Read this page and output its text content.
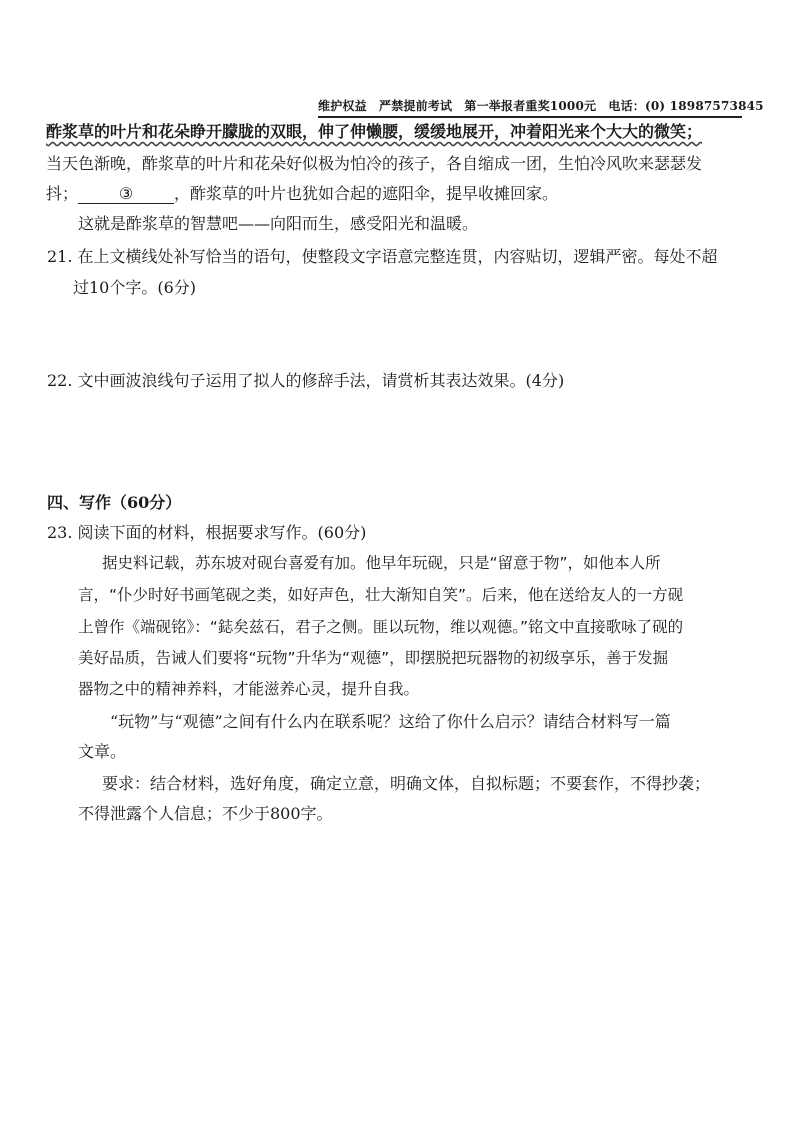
维护权益　严禁提前考试　第一举报者重奖1000元　电话：(0) 18987573845
酢浆草的叶片和花朵睁开朦胧的双眼，伸了伸懒腰，缓缓地展开，冲着阳光来个大大的微笑；
当天色渐晚，酢浆草的叶片和花朵好似极为怕冷的孩子，各自缩成一团，生怕冷风吹来瑟瑟发
抖；	③	，酢浆草的叶片也犹如合起的遮阳伞，提早收摊回家。
这就是酢浆草的智慧吧——向阳而生，感受阳光和温暖。
21. 在上文横线处补写恰当的语句，使整段文字语意完整连贯，内容贴切，逻辑严密。每处不超
过10个字。(6分)
22. 文中画波浪线句子运用了拟人的修辞手法，请赏析其表达效果。(4分)
四、写作（60分）
23. 阅读下面的材料，根据要求写作。(60分)
据史料记载，苏东坡对砚台喜爱有加。他早年玩砚，只是“留意于物”，如他本人所
言，“仆少时好书画笔砚之类，如好声色，壮大渐知自笑”。后来，他在送给友人的一方砚
上曾作《端砚铭》：“鋕矣兹石，君子之侧。匪以玩物，维以观德。”铭文中直接歌咏了砚的
美好品质，告诫人们要将“玩物”升华为“观德”，即摆脱把玩器物的初级享乐，善于发掘
器物之中的精神养料，才能滋养心灵，提升自我。
“玩物”与“观德”之间有什么内在联系呢？这给了你什么启示？请结合材料写一篇
文章。
要求：结合材料，选好角度，确定立意，明确文体，自拟标题；不要套作，不得抄袭；
不得泄露个人信息；不少于800字。
